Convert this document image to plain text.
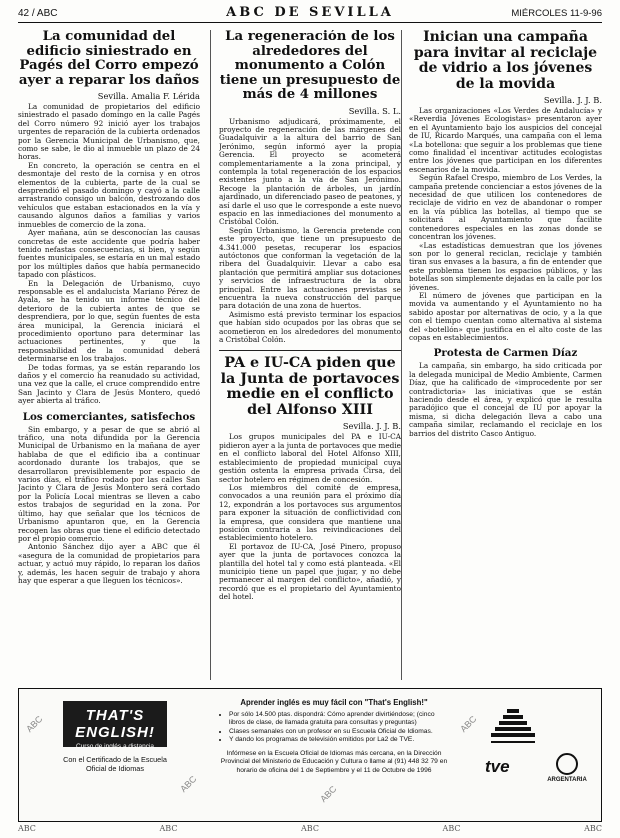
42 / ABC	ABC DE SEVILLA	MIÉRCOLES 11-9-96
La comunidad del edificio siniestrado en Pagés del Corro empezó ayer a reparar los daños
Sevilla. Amalia F. Lérida

La comunidad de propietarios del edificio siniestrado el pasado domingo en la calle Pagés del Corro número 92 inició ayer los trabajos urgentes de reparación de la cubierta ordenados por la Gerencia Municipal de Urbanismo, que, como se sabe, le dio al inmueble un plazo de 24 horas.

En concreto, la operación se centra en el desmontaje del resto de la cornisa y en otros elementos de la cubierta, parte de la cual se desprendió el pasado domingo y cayó a la calle arrastrando consigo un balcón, destrozando dos vehículos que estaban estacionados en la vía y causando algunos daños a familias y varios inmuebles de comercio de la zona.

Ayer mañana, aún se desconocían las causas concretas de este accidente que podría haber tenido nefastas consecuencias, si bien, y según fuentes municipales, se estaría en un mal estado por los múltiples daños que había permanecido tapado con plásticos.

En la Delegación de Urbanismo, cuyo responsable es el andalucista Mariano Pérez de Ayala, se ha tenido un informe técnico del deterioro de la cubierta antes de que se desprendiera, por lo que, según fuentes de esta área municipal, la Gerencia iniciará el procedimiento oportuno para determinar las actuaciones pertinentes, y que la responsabilidad de la comunidad deberá determinarse en los trabajos.

De todas formas, ya se están reparando los daños y el comercio ha reanudado su actividad, una vez que la calle, el cruce comprendido entre San Jacinto y Clara de Jesús Montero, quedó ayer abierta al tráfico.

Los comerciantes, satisfechos

Sin embargo, y a pesar de que se abrió al tráfico, una nota difundida por la Gerencia Municipal de Urbanismo en la mañana de ayer hablaba de que el edificio iba a continuar acordonado durante los trabajos, que se desarrollaron previsiblemente por espacio de varios días, el tráfico rodado por las calles San Jacinto y Clara de Jesús Montero será cortado por la Policía Local mientras se lleven a cabo estos trabajos de seguridad en la zona. Por último, hay que señalar que los técnicos de Urbanismo apuntaron que, en la Gerencia recogen las obras que tiene el edificio detectado por el propio comercio.

Antonio Sánchez dijo ayer a ABC que él «asegura de la comunidad de propietarios para actuar, y actuó muy rápido, lo reparan los daños y, además, les hacen seguir de trabajo y ahora hay que esperar a que lleguen los técnicos».

La regeneración de los alrededores del monumento a Colón tiene un presupuesto de más de 4 millones
Sevilla. S. L.

Urbanismo adjudicará, próximamente, el proyecto de regeneración de las márgenes del Guadalquivir a la altura del barrio de San Jerónimo, según informó ayer la propia Gerencia. El proyecto se acometerá complementariamente a la zona principal, y contempla la total regeneración de los espacios existentes junto a la vía de San Jerónimo. Recoge la plantación de árboles, un jardín ajardinado, un diferenciado paseo de peatones, y así darle el uso que le corresponde a este nuevo espacio en las inmediaciones del monumento a Cristóbal Colón.

Según Urbanismo, la Gerencia pretende con este proyecto, que tiene un presupuesto de 4.341.000 pesetas, recuperar los espacios autóctonos que conforman la vegetación de la ribera del Guadalquivir. Llevar a cabo esa plantación que permitirá ampliar sus dotaciones y servicios de infraestructura de la obra principal. Entre las actuaciones previstas se encuentra la nueva construcción del parque para dotación de una zona de huertos.

Asimismo está previsto terminar los espacios que habían sido ocupados por las obras que se acometieron en los alrededores del monumento a Cristóbal Colón.

PA e IU-CA piden que la Junta de portavoces medie en el conflicto del Alfonso XIII
Sevilla. J. J. B.

Los grupos municipales del PA e IU-CA pidieron ayer a la junta de portavoces que medie en el conflicto laboral del Hotel Alfonso XIII, establecimiento de propiedad municipal cuya gestión ostenta la empresa privada Cirsa, del sector hotelero en régimen de concesión.

Los miembros del comité de empresa, convocados a una reunión para el próximo día 12, expondrán a los portavoces sus argumentos para exponer la situación de conflictividad con la empresa, que considera que mantiene una posición contraria a las reivindicaciones del establecimiento hotelero.

El portavoz de IU-CA, José Pinero, propuso ayer que la junta de portavoces conozca la plantilla del hotel tal y como está planteada. «El municipio tiene un papel que jugar, y no debe permanecer al margen del conflicto», añadió, y recordó que es el propietario del Ayuntamiento del hotel.

Inician una campaña para invitar al reciclaje de vidrio a los jóvenes de la movida
Sevilla. J. J. B.

Las organizaciones «Los Verdes de Andalucía» y «Reverdia Jóvenes Ecologistas» presentaron ayer en el Ayuntamiento bajo los auspicios del concejal de IU, Ricardo Marqués, una campaña con el lema «La botellona: que seguir a los problemas que tiene como finalidad el incentivar actitudes ecologistas entre los jóvenes que participan en los diferentes escenarios de la movida.

Según Rafael Crespo, miembro de Los Verdes, la campaña pretende concienciar a estos jóvenes de la necesidad de que utilicen los contenedores de reciclaje de vidrio en vez de abandonar o romper en la vía pública las botellas, al tiempo que se solicitará al Ayuntamiento que facilite contenedores especiales en las zonas donde se concentran los jóvenes.

«Las estadísticas demuestran que los jóvenes son por lo general reciclan, reciclaje y también tiran sus envases a la basura, a fin de entender que este problema tienen los espacios públicos, y las botellas son simplemente dejadas en la calle por los jóvenes.

El número de jóvenes que participan en la movida va aumentando y el Ayuntamiento no ha sabido apostar por alternativas de ocio, y a la que con el tiempo cuentan como alternativa al sistema del «botellón» que justifica en el alto coste de las copas en establecimientos.

Protesta de Carmen Díaz

La campaña, sin embargo, ha sido criticada por la delegada municipal de Medio Ambiente, Carmen Díaz, que ha calificado de «improcedente por ser contradictoria» las iniciativas que se están haciendo desde el área, y explicó que le resulta paradójico que el concejal de IU por apoyar la misma, si dicha delegación lleva a cabo una campaña similar, reclamando el reciclaje en los barrios del distrito Casco Antiguo.

ABC
ABC	ABC
ABC
THAT'S ENGLISH!
Curso de inglés a distancia
Con el Certificado de la Escuela Oficial de Idiomas
Aprender inglés es muy fácil con "That's English!"
• Por sólo 14.500 ptas. dispondrá: Cómo aprender divirtiéndose; (cinco libros de clase, de llamada gratuita para consultas y preguntas)
• Clases semanales con un profesor en su Escuela Oficial de Idiomas.
• Y dando los programas de televisión emitidos por La2 de TVE.

Infórmese en la Escuela Oficial de Idiomas más cercana, en la Dirección Provincial del Ministerio de Educación y Cultura o llame al (91) 448 32 79 en horario de oficina del 1 de Septiembre y el 11 de Octubre de 1996	tve
ARGENTARIA
ABC	ABC	ABC	ABC	ABC
